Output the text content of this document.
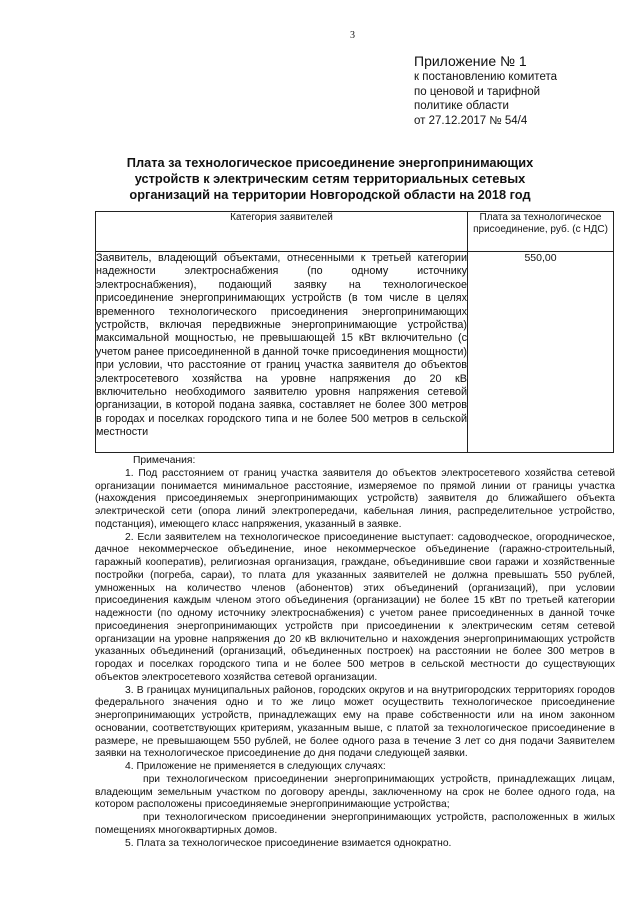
3
Приложение № 1
к постановлению комитета
по ценовой и тарифной
политике области
от 27.12.2017 № 54/4
Плата за технологическое присоединение энергопринимающих устройств к электрическим сетям территориальных сетевых организаций на территории Новгородской области на 2018 год
Категория заявителей	Плата за технологическое присоединение, руб. (с НДС)
Заявитель, владеющий объектами, отнесенными к третьей категории надежности электроснабжения (по одному источнику электроснабжения), подающий заявку на технологическое присоединение энергопринимающих устройств (в том числе в целях временного технологического присоединения энергопринимающих устройств, включая передвижные энергопринимающие устройства) максимальной мощностью, не превышающей 15 кВт включительно (с учетом ранее присоединенной в данной точке присоединения мощности) при условии, что расстояние от границ участка заявителя до объектов электросетевого хозяйства на уровне напряжения до 20 кВ включительно необходимого заявителю уровня напряжения сетевой организации, в которой подана заявка, составляет не более 300 метров в городах и поселках городского типа и не более 500 метров в сельской местности	550,00
Примечания:

1. Под расстоянием от границ участка заявителя до объектов электросетевого хозяйства сетевой организации понимается минимальное расстояние, измеряемое по прямой линии от границы участка (нахождения присоединяемых энергопринимающих устройств) заявителя до ближайшего объекта электрической сети (опора линий электропередачи, кабельная линия, распределительное устройство, подстанция), имеющего класс напряжения, указанный в заявке.

2. Если заявителем на технологическое присоединение выступает: садоводческое, огородническое, дачное некоммерческое объединение, иное некоммерческое объединение (гаражно-строительный, гаражный кооператив), религиозная организация, граждане, объединившие свои гаражи и хозяйственные постройки (погреба, сараи), то плата для указанных заявителей не должна превышать 550 рублей, умноженных на количество членов (абонентов) этих объединений (организаций), при условии присоединения каждым членом этого объединения (организации) не более 15 кВт по третьей категории надежности (по одному источнику электроснабжения) с учетом ранее присоединенных в данной точке присоединения энергопринимающих устройств при присоединении к электрическим сетям сетевой организации на уровне напряжения до 20 кВ включительно и нахождения энергопринимающих устройств указанных объединений (организаций, объединенных построек) на расстоянии не более 300 метров в городах и поселках городского типа и не более 500 метров в сельской местности до существующих объектов электросетевого хозяйства сетевой организации.

3. В границах муниципальных районов, городских округов и на внутригородских территориях городов федерального значения одно и то же лицо может осуществить технологическое присоединение энергопринимающих устройств, принадлежащих ему на праве собственности или на ином законном основании, соответствующих критериям, указанным выше, с платой за технологическое присоединение в размере, не превышающем 550 рублей, не более одного раза в течение 3 лет со дня подачи Заявителем заявки на технологическое присоединение до дня подачи следующей заявки.

4. Приложение не применяется в следующих случаях:

при технологическом присоединении энергопринимающих устройств, принадлежащих лицам, владеющим земельным участком по договору аренды, заключенному на срок не более одного года, на котором расположены присоединяемые энергопринимающие устройства;

при технологическом присоединении энергопринимающих устройств, расположенных в жилых помещениях многоквартирных домов.

5. Плата за технологическое присоединение взимается однократно.
